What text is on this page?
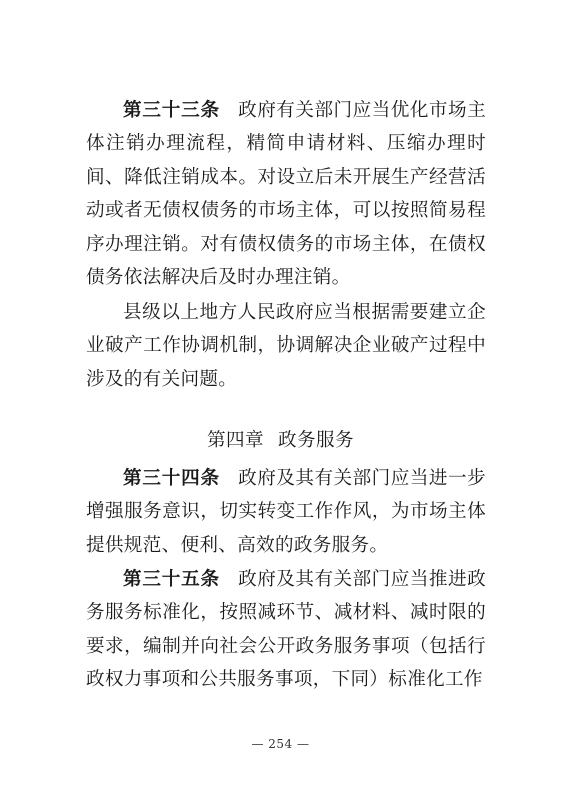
第三十三条 政府有关部门应当优化市场主体注销办理流程，精简申请材料、压缩办理时间、降低注销成本。对设立后未开展生产经营活动或者无债权债务的市场主体，可以按照简易程序办理注销。对有债权债务的市场主体，在债权债务依法解决后及时办理注销。

县级以上地方人民政府应当根据需要建立企业破产工作协调机制，协调解决企业破产过程中涉及的有关问题。

第四章 政务服务

第三十四条 政府及其有关部门应当进一步增强服务意识，切实转变工作作风，为市场主体提供规范、便利、高效的政务服务。

第三十五条 政府及其有关部门应当推进政务服务标准化，按照减环节、减材料、减时限的要求，编制并向社会公开政务服务事项（包括行政权力事项和公共服务事项，下同）标准化工作

— 254 —
